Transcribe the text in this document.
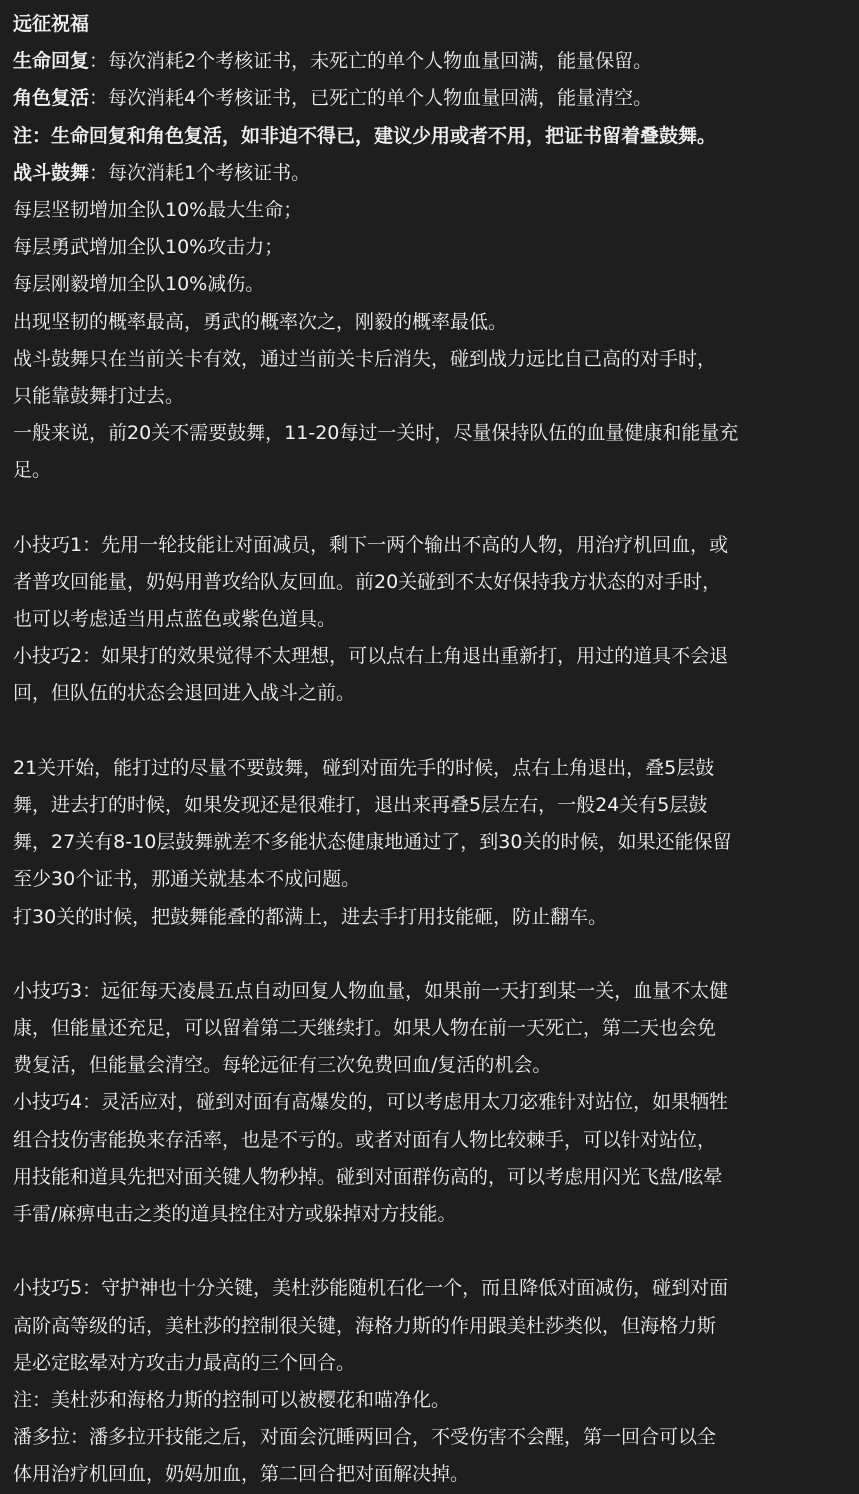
远征祝福
生命回复：每次消耗2个考核证书，未死亡的单个人物血量回满，能量保留。
角色复活：每次消耗4个考核证书，已死亡的单个人物血量回满，能量清空。
注：生命回复和角色复活，如非迫不得已，建议少用或者不用，把证书留着叠鼓舞。
战斗鼓舞：每次消耗1个考核证书。
每层坚韧增加全队10%最大生命；
每层勇武增加全队10%攻击力；
每层刚毅增加全队10%减伤。
出现坚韧的概率最高，勇武的概率次之，刚毅的概率最低。
战斗鼓舞只在当前关卡有效，通过当前关卡后消失，碰到战力远比自己高的对手时，
只能靠鼓舞打过去。
一般来说，前20关不需要鼓舞，11-20每过一关时，尽量保持队伍的血量健康和能量充
足。
小技巧1：先用一轮技能让对面减员，剩下一两个输出不高的人物，用治疗机回血，或
者普攻回能量，奶妈用普攻给队友回血。前20关碰到不太好保持我方状态的对手时，
也可以考虑适当用点蓝色或紫色道具。
小技巧2：如果打的效果觉得不太理想，可以点右上角退出重新打，用过的道具不会退
回，但队伍的状态会退回进入战斗之前。
21关开始，能打过的尽量不要鼓舞，碰到对面先手的时候，点右上角退出，叠5层鼓
舞，进去打的时候，如果发现还是很难打，退出来再叠5层左右，一般24关有5层鼓
舞，27关有8-10层鼓舞就差不多能状态健康地通过了，到30关的时候，如果还能保留
至少30个证书，那通关就基本不成问题。
打30关的时候，把鼓舞能叠的都满上，进去手打用技能砸，防止翻车。
小技巧3：远征每天凌晨五点自动回复人物血量，如果前一天打到某一关，血量不太健
康，但能量还充足，可以留着第二天继续打。如果人物在前一天死亡，第二天也会免
费复活，但能量会清空。每轮远征有三次免费回血/复活的机会。
小技巧4：灵活应对，碰到对面有高爆发的，可以考虑用太刀宓雅针对站位，如果牺牲
组合技伤害能换来存活率，也是不亏的。或者对面有人物比较棘手，可以针对站位，
用技能和道具先把对面关键人物秒掉。碰到对面群伤高的，可以考虑用闪光飞盘/眩晕
手雷/麻痹电击之类的道具控住对方或躲掉对方技能。
小技巧5：守护神也十分关键，美杜莎能随机石化一个，而且降低对面减伤，碰到对面
高阶高等级的话，美杜莎的控制很关键，海格力斯的作用跟美杜莎类似，但海格力斯
是必定眩晕对方攻击力最高的三个回合。
注：美杜莎和海格力斯的控制可以被樱花和喵净化。
潘多拉：潘多拉开技能之后，对面会沉睡两回合，不受伤害不会醒，第一回合可以全
体用治疗机回血，奶妈加血，第二回合把对面解决掉。
